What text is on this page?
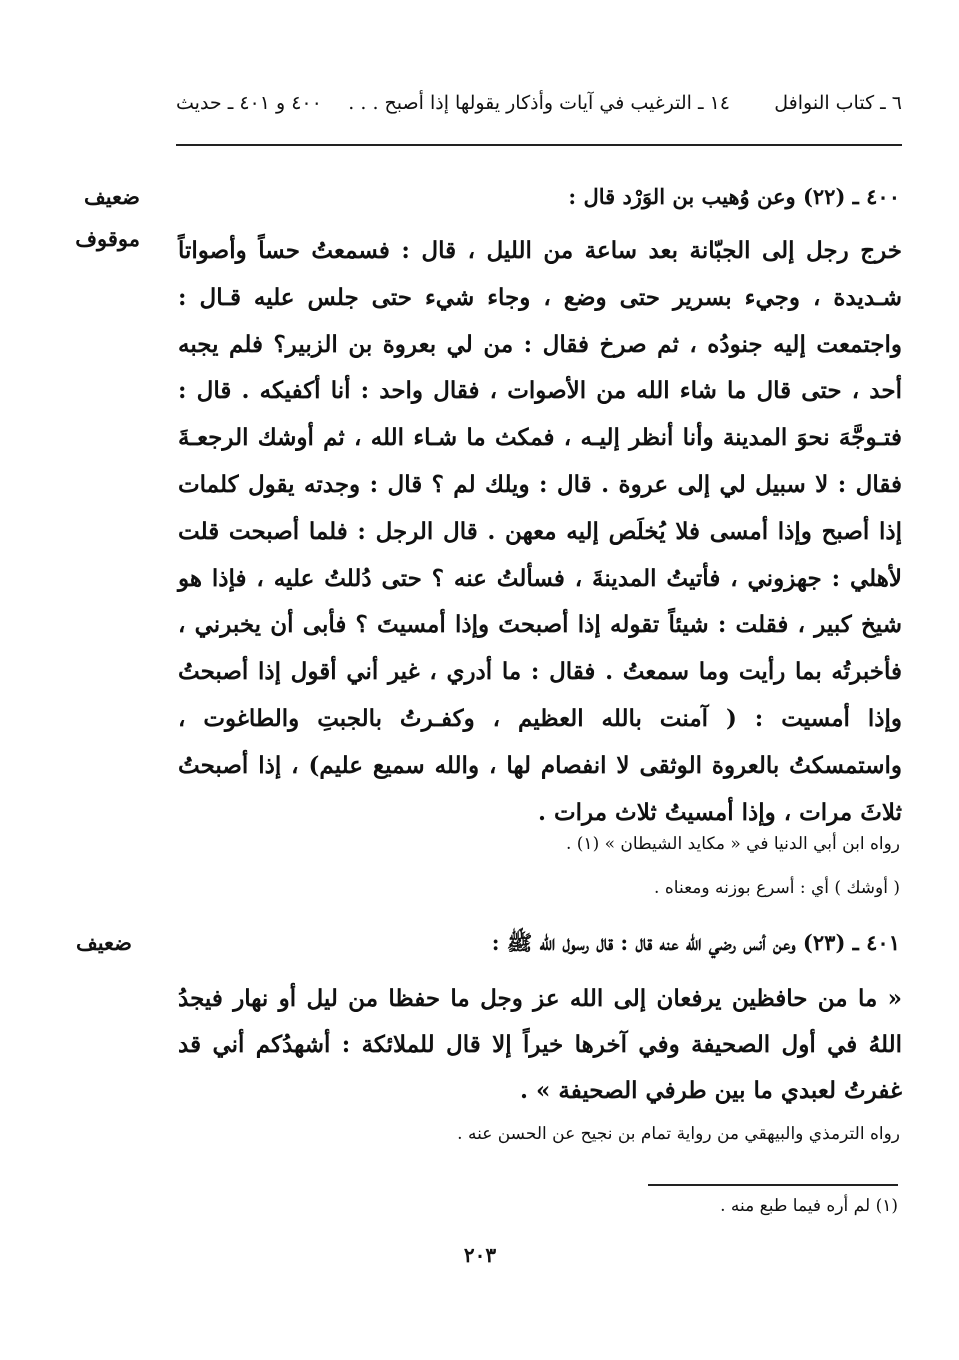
٤٠٠ و ٤٠١ ـ حديث	١٤ ـ الترغيب في آيات وأذكار يقولها إذا أصبح . . .	٦ ـ كتاب النوافل
ضعيف
موقوف
٤٠٠ ـ (٢٢) وعن وُهيب بن الوَرْد قال :
خرج رجل إلى الجبّانة بعد ساعة من الليل ، قال : فسمعتُ حساً وأصواتاً شـديدة ، وجيء بسرير حتى وضع ، وجاء شيء حتى جلس عليه قـال : واجتمعت إليه جنودُه ، ثم صرخ فقال : من لي بعروة بن الزبير؟ فلم يجبه أحد ، حتى قال ما شاء الله من الأصوات ، فقال واحد : أنا أكفيكه . قال : فتـوجَّهَ نحوَ المدينة وأنا أنظر إليـه ، فمكث ما شـاء الله ، ثم أوشك الرجعـةَ فقال : لا سبيل لي إلى عروة . قال : ويلك لم ؟ قال : وجدته يقول كلمات إذا أصبح وإذا أمسى فلا يُخلَص إليه معهن . قال الرجل : فلما أصبحت قلت لأهلي : جهزوني ، فأتيتُ المدينةَ ، فسألتُ عنه ؟ حتى دُللتُ عليه ، فإذا هو شيخ كبير ، فقلت : شيئاً تقوله إذا أصبحتَ وإذا أمسيتَ ؟ فأبى أن يخبرني ، فأخبرتُه بما رأيت وما سمعتُ . فقال : ما أدري ، غير أني أقول إذا أصبحتُ وإذا أمسيت : ( آمنت بالله العظيم ، وكفـرتُ بالجبتِ والطاغوت ، واستمسكتُ بالعروة الوثقى لا انفصام لها ، والله سميع عليم) ، إذا أصبحتُ ثلاثَ مرات ، وإذا أمسيتُ ثلاث مرات .
رواه ابن أبي الدنيا في « مكايد الشيطان » (١) .
( أوشك ) أي : أسرع بوزنه ومعناه .
ضعيف	٤٠١ ـ (٢٣) وعن أنس رضي الله عنه قال : قال رسول الله ﷺ :
« ما من حافظين يرفعان إلى الله عز وجل ما حفظا من ليل أو نهار فيجدُ اللهُ في أول الصحيفة وفي آخرها خيراً إلا قال للملائكة : أشهدُكم أني قد غفرتُ لعبدي ما بين طرفي الصحيفة » .
رواه الترمذي والبيهقي من رواية تمام بن نجيح عن الحسن عنه .
(١) لم أره فيما طبع منه .
٢٠٣
